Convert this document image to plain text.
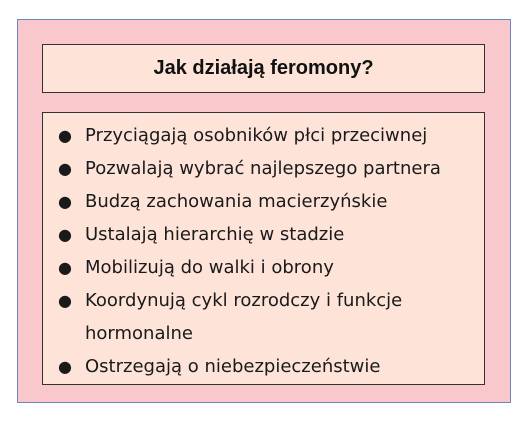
Jak działają feromony?
● Przyciągają osobników płci przeciwnej
● Pozwalają wybrać najlepszego partnera
● Budzą zachowania macierzyńskie
● Ustalają hierarchię w stadzie
● Mobilizują do walki i obrony
● Koordynują cykl rozrodczy i funkcje hormonalne
● Ostrzegają o niebezpieczeństwie
